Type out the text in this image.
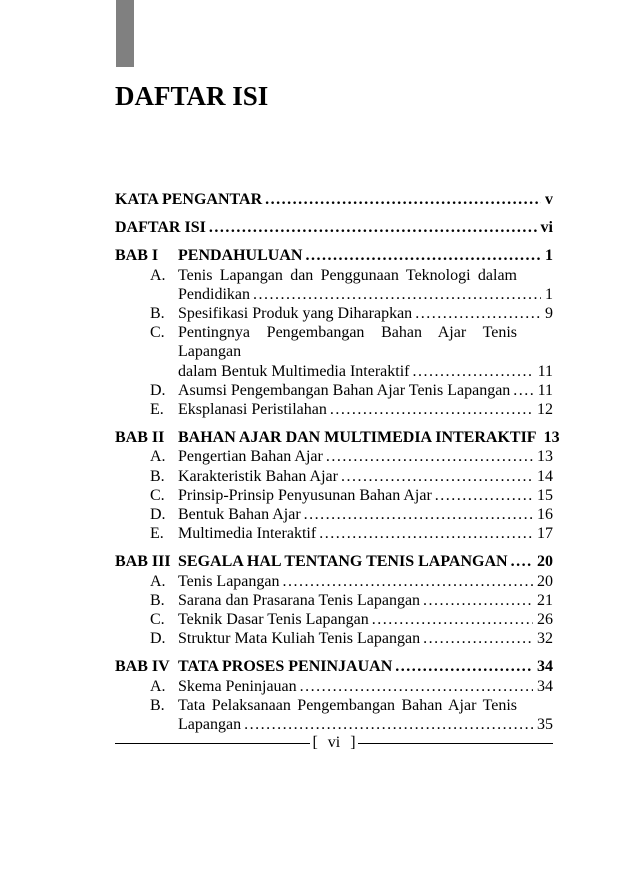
DAFTAR ISI
KATA PENGANTAR .....	v
DAFTAR ISI .....	vi
BAB I	PENDAHULUAN .....	1
A. Tenis Lapangan dan Penggunaan Teknologi dalam
Pendidikan .....	1
B. Spesifikasi Produk yang Diharapkan .....	9
C. Pentingnya Pengembangan Bahan Ajar Tenis Lapangan
dalam Bentuk Multimedia Interaktif .....	11
D. Asumsi Pengembangan Bahan Ajar Tenis Lapangan ..... 11
E. Eksplanasi Peristilahan .....	12
BAB II BAHAN AJAR DAN MULTIMEDIA INTERAKTIF ..... 13
A. Pengertian Bahan Ajar .....	13
B. Karakteristik Bahan Ajar .....	14
C. Prinsip-Prinsip Penyusunan Bahan Ajar .....	15
D. Bentuk Bahan Ajar .....	16
E. Multimedia Interaktif .....	17
BAB III SEGALA HAL TENTANG TENIS LAPANGAN ..... 20
A. Tenis Lapangan .....	20
B. Sarana dan Prasarana Tenis Lapangan .....	21
C. Teknik Dasar Tenis Lapangan .....	26
D. Struktur Mata Kuliah Tenis Lapangan .....	32
BAB IV TATA PROSES PENINJAUAN .....	34
A. Skema Peninjauan .....	34
B. Tata Pelaksanaan Pengembangan Bahan Ajar Tenis
Lapangan .....	35
[ vi ]
